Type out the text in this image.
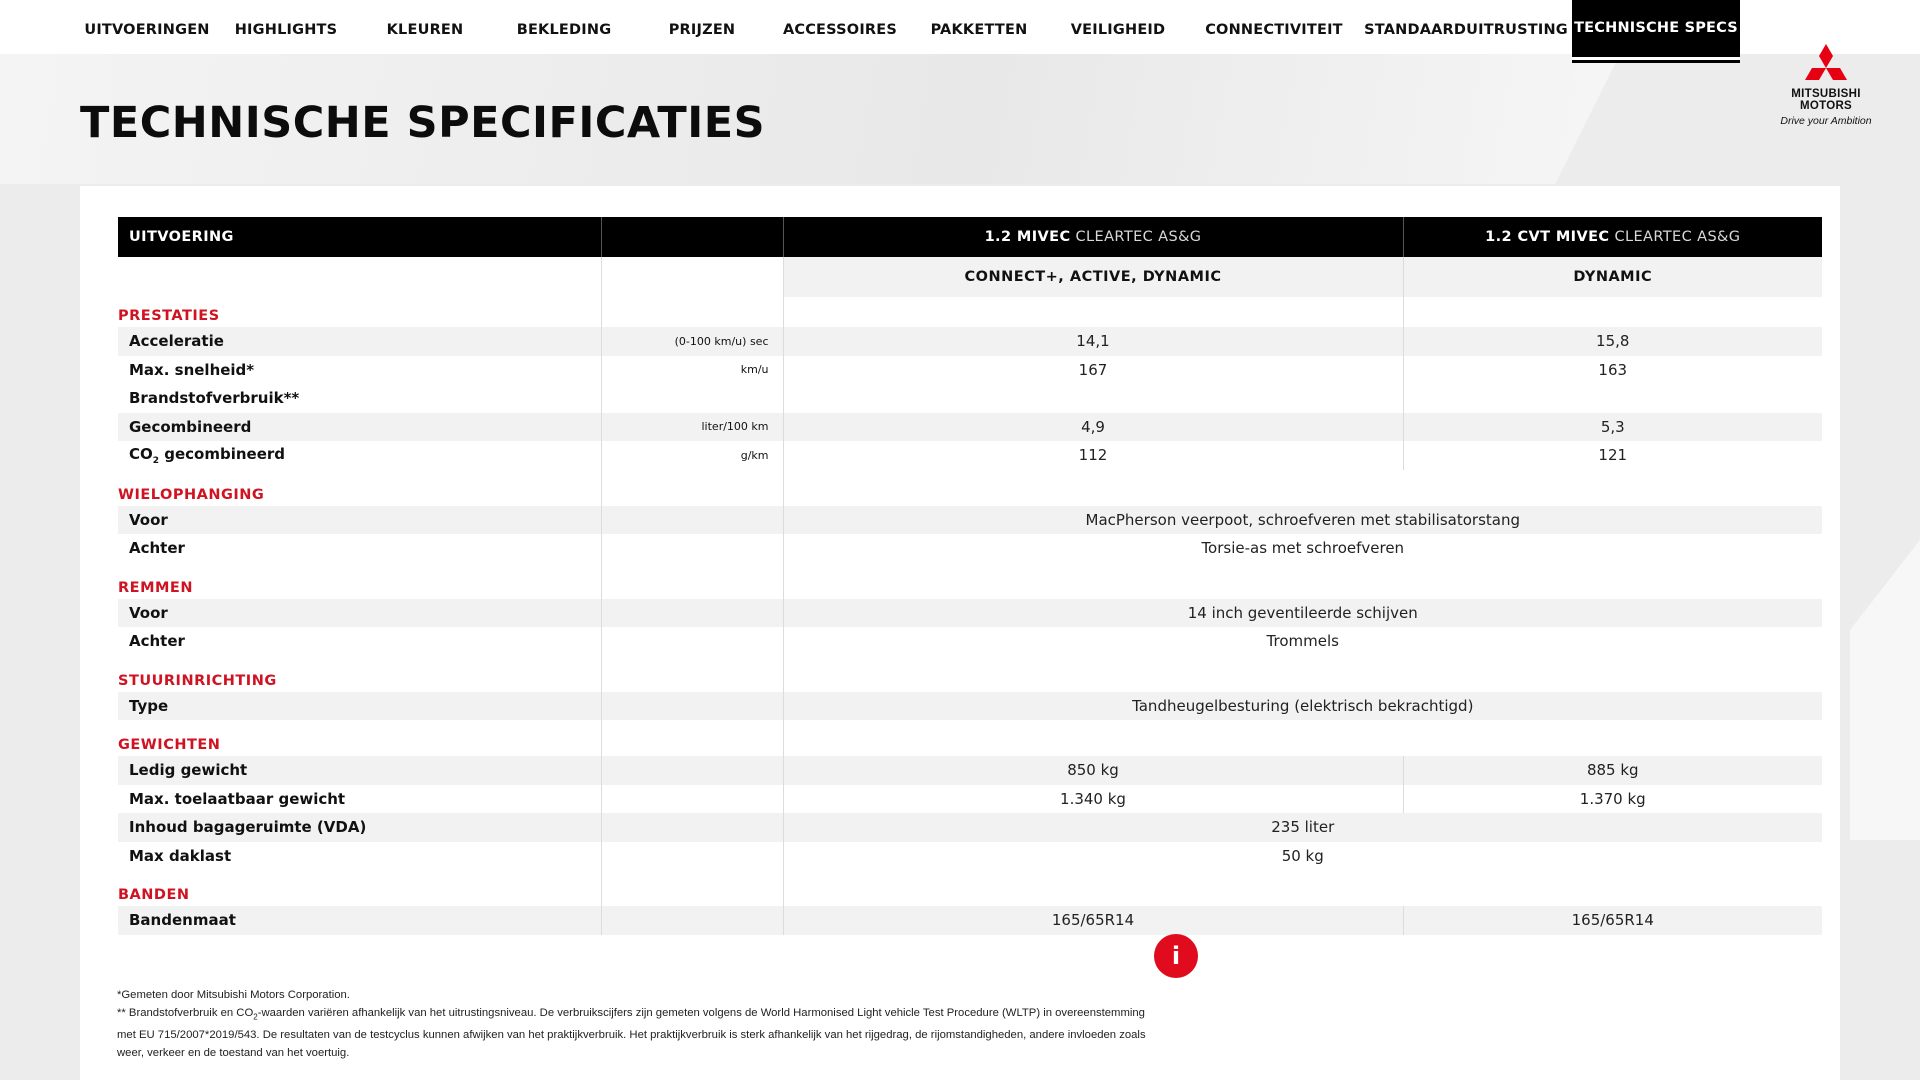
UITVOERINGEN	HIGHLIGHTS	KLEUREN	BEKLEDING	PRIJZEN	ACCESSOIRES	PAKKETTEN	VEILIGHEID	CONNECTIVITEIT	STANDAARDUITRUSTING TECHNISCHE SPECS
MITSUBISHI
MOTORS
Drive your Ambition
TECHNISCHE SPECIFICATIES
UITVOERING		1.2 MIVEC CLEARTEC AS&G	1.2 CVT MIVEC CLEARTEC AS&G
		CONNECT+, ACTIVE, DYNAMIC	DYNAMIC
PRESTATIES			
Acceleratie	(0-100 km/u) sec	14,1	15,8
Max. snelheid*	km/u	167	163
Brandstofverbruik**			
Gecombineerd	liter/100 km	4,9	5,3
$CO_2$ gecombineerd	g/km	112	121
WIELOPHANGING			
Voor		MacPherson veerpoot, schroefveren met stabilisatorstang	
Achter		Torsie-as met schroefveren	
REMMEN			
Voor		14 inch geventileerde schijven	
Achter		Trommels	
STUURINRICHTING			
Type		Tandheugelbesturing (elektrisch bekrachtigd)	
GEWICHTEN			
Ledig gewicht		850 kg	885 kg
Max. toelaatbaar gewicht		1.340 kg	1.370 kg
Inhoud bagageruimte (VDA)		235 liter	
Max daklast		50 kg	
BANDEN			
Bandenmaat		165/65R14	165/65R14
i

*Gemeten door Mitsubishi Motors Corporation.

** Brandstofverbruik en $CO_2$-waarden variëren afhankelijk van het uitrustingsniveau. De verbruikscijfers zijn gemeten volgens de World Harmonised Light vehicle Test Procedure (WLTP) in overeenstemming

met EU 715/2007*2019/543. De resultaten van de testcyclus kunnen afwijken van het praktijkverbruik. Het praktijkverbruik is sterk afhankelijk van het rijgedrag, de rijomstandigheden, andere invloeden zoals

weer, verkeer en de toestand van het voertuig.
